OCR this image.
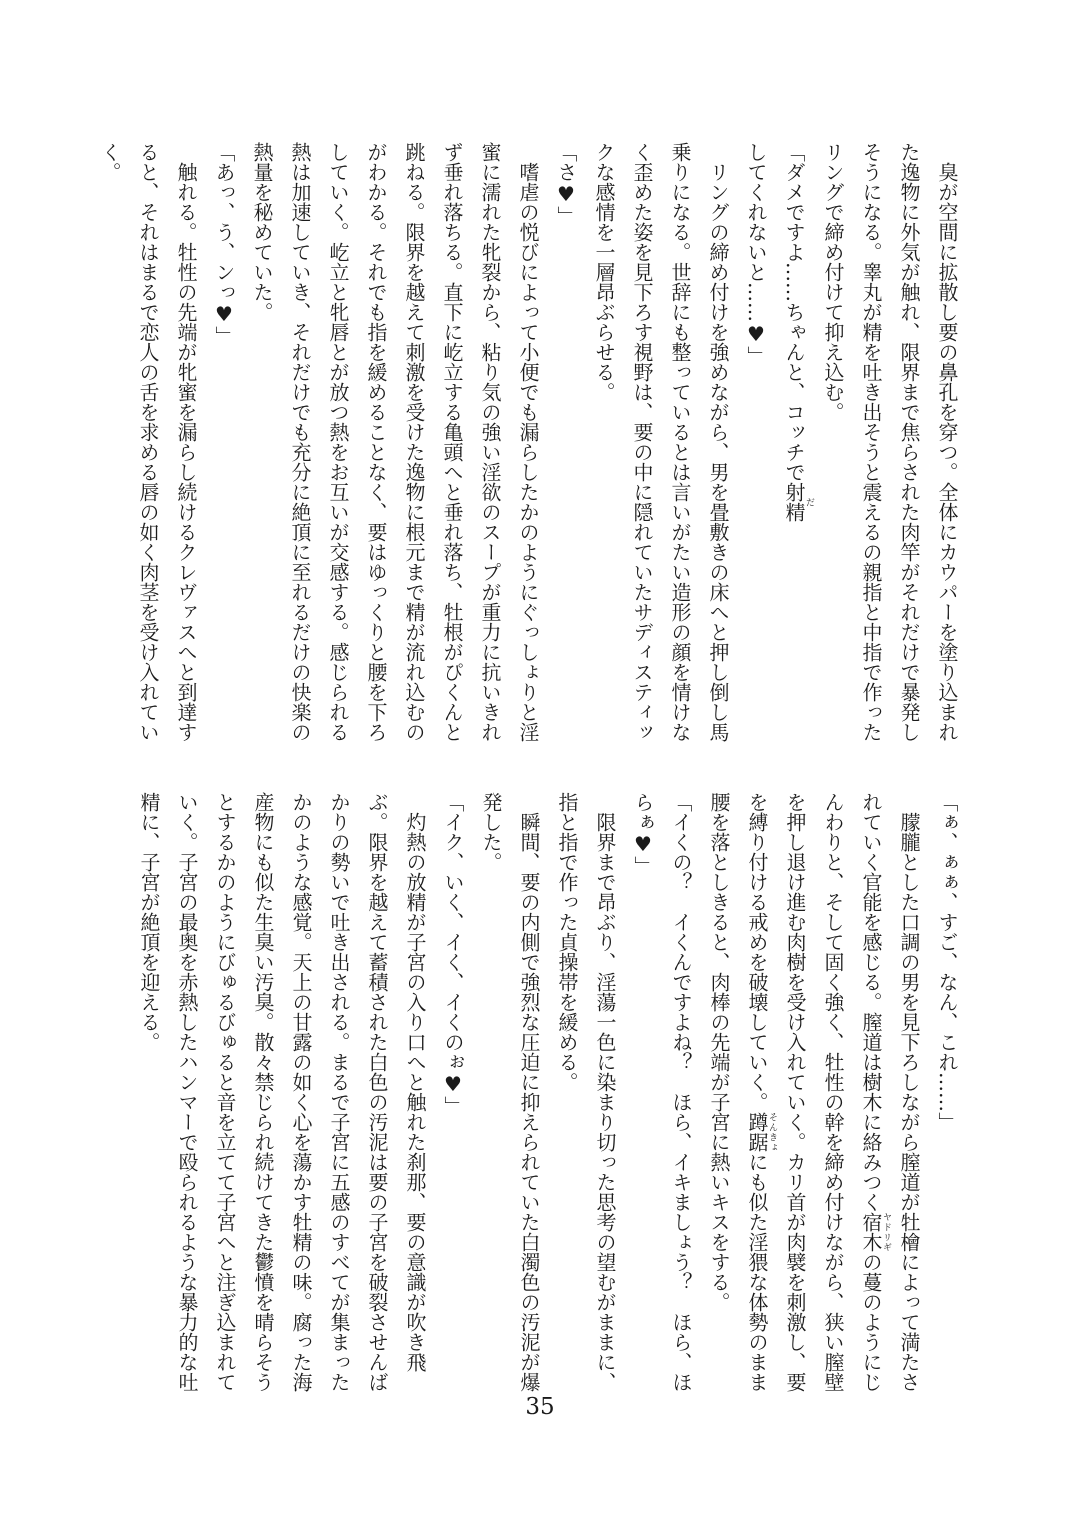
臭が空間に拡散し要の鼻孔を穿つ。全体にカウパーを塗り込まれた逸物に外気が触れ、限界まで焦らされた肉竿がそれだけで暴発しそうになる。睾丸が精を吐き出そうと震えるの親指と中指で作ったリングで締め付けて抑え込む。

「ダメですよ……ちゃんと、コッチで射精だしてくれないと……♥」

リングの締め付けを強めながら、男を畳敷きの床へと押し倒し馬乗りになる。世辞にも整っているとは言いがたい造形の顔を情けなく歪めた姿を見下ろす視野は、要の中に隠れていたサディスティックな感情を一層昂ぶらせる。

「さ♥」

嗜虐の悦びによって小便でも漏らしたかのようにぐっしょりと淫蜜に濡れた牝裂から、粘り気の強い淫欲のスープが重力に抗いきれず垂れ落ちる。直下に屹立する亀頭へと垂れ落ち、牡根がぴくんと跳ねる。限界を越えて刺激を受けた逸物に根元まで精が流れ込むのがわかる。それでも指を緩めることなく、要はゆっくりと腰を下ろしていく。屹立と牝唇とが放つ熱をお互いが交感する。感じられる熱は加速していき、それだけでも充分に絶頂に至れるだけの快楽の熱量を秘めていた。

「あっ、う、ンっ♥」

触れる。牡性の先端が牝蜜を漏らし続けるクレヴァスへと到達すると、それはまるで恋人の舌を求める唇の如く肉茎を受け入れていく。

「ぁ、ぁぁ、すご、なん、これ……」

朦朧とした口調の男を見下ろしながら膣道が牡檜によって満たされていく官能を感じる。膣道は樹木に絡みつく宿木ヤドリギの蔓のようにじんわりと、そして固く強く、牡性の幹を締め付けながら、狭い膣壁を押し退け進む肉樹を受け入れていく。カリ首が肉襞を刺激し、要を縛り付ける戒めを破壊していく。蹲踞そんきょにも似た淫猥な体勢のまま腰を落としきると、肉棒の先端が子宮に熱いキスをする。

「イくの？　イくんですよね？　ほら、イキましょう？　ほら、ほらぁ♥」

限界まで昂ぶり、淫蕩一色に染まり切った思考の望むがままに、指と指で作った貞操帯を緩める。

瞬間、要の内側で強烈な圧迫に抑えられていた白濁色の汚泥が爆発した。

「イク、いく、イく、イくのぉ♥」

灼熱の放精が子宮の入り口へと触れた刹那、要の意識が吹き飛ぶ。限界を越えて蓄積された白色の汚泥は要の子宮を破裂させんばかりの勢いで吐き出される。まるで子宮に五感のすべてが集まったかのような感覚。天上の甘露の如く心を蕩かす牡精の味。腐った海産物にも似た生臭い汚臭。散々禁じられ続けてきた鬱憤を晴らそうとするかのようにびゅるびゅると音を立てて子宮へと注ぎ込まれていく。子宮の最奥を赤熱したハンマーで殴られるような暴力的な吐精に、子宮が絶頂を迎える。

35
